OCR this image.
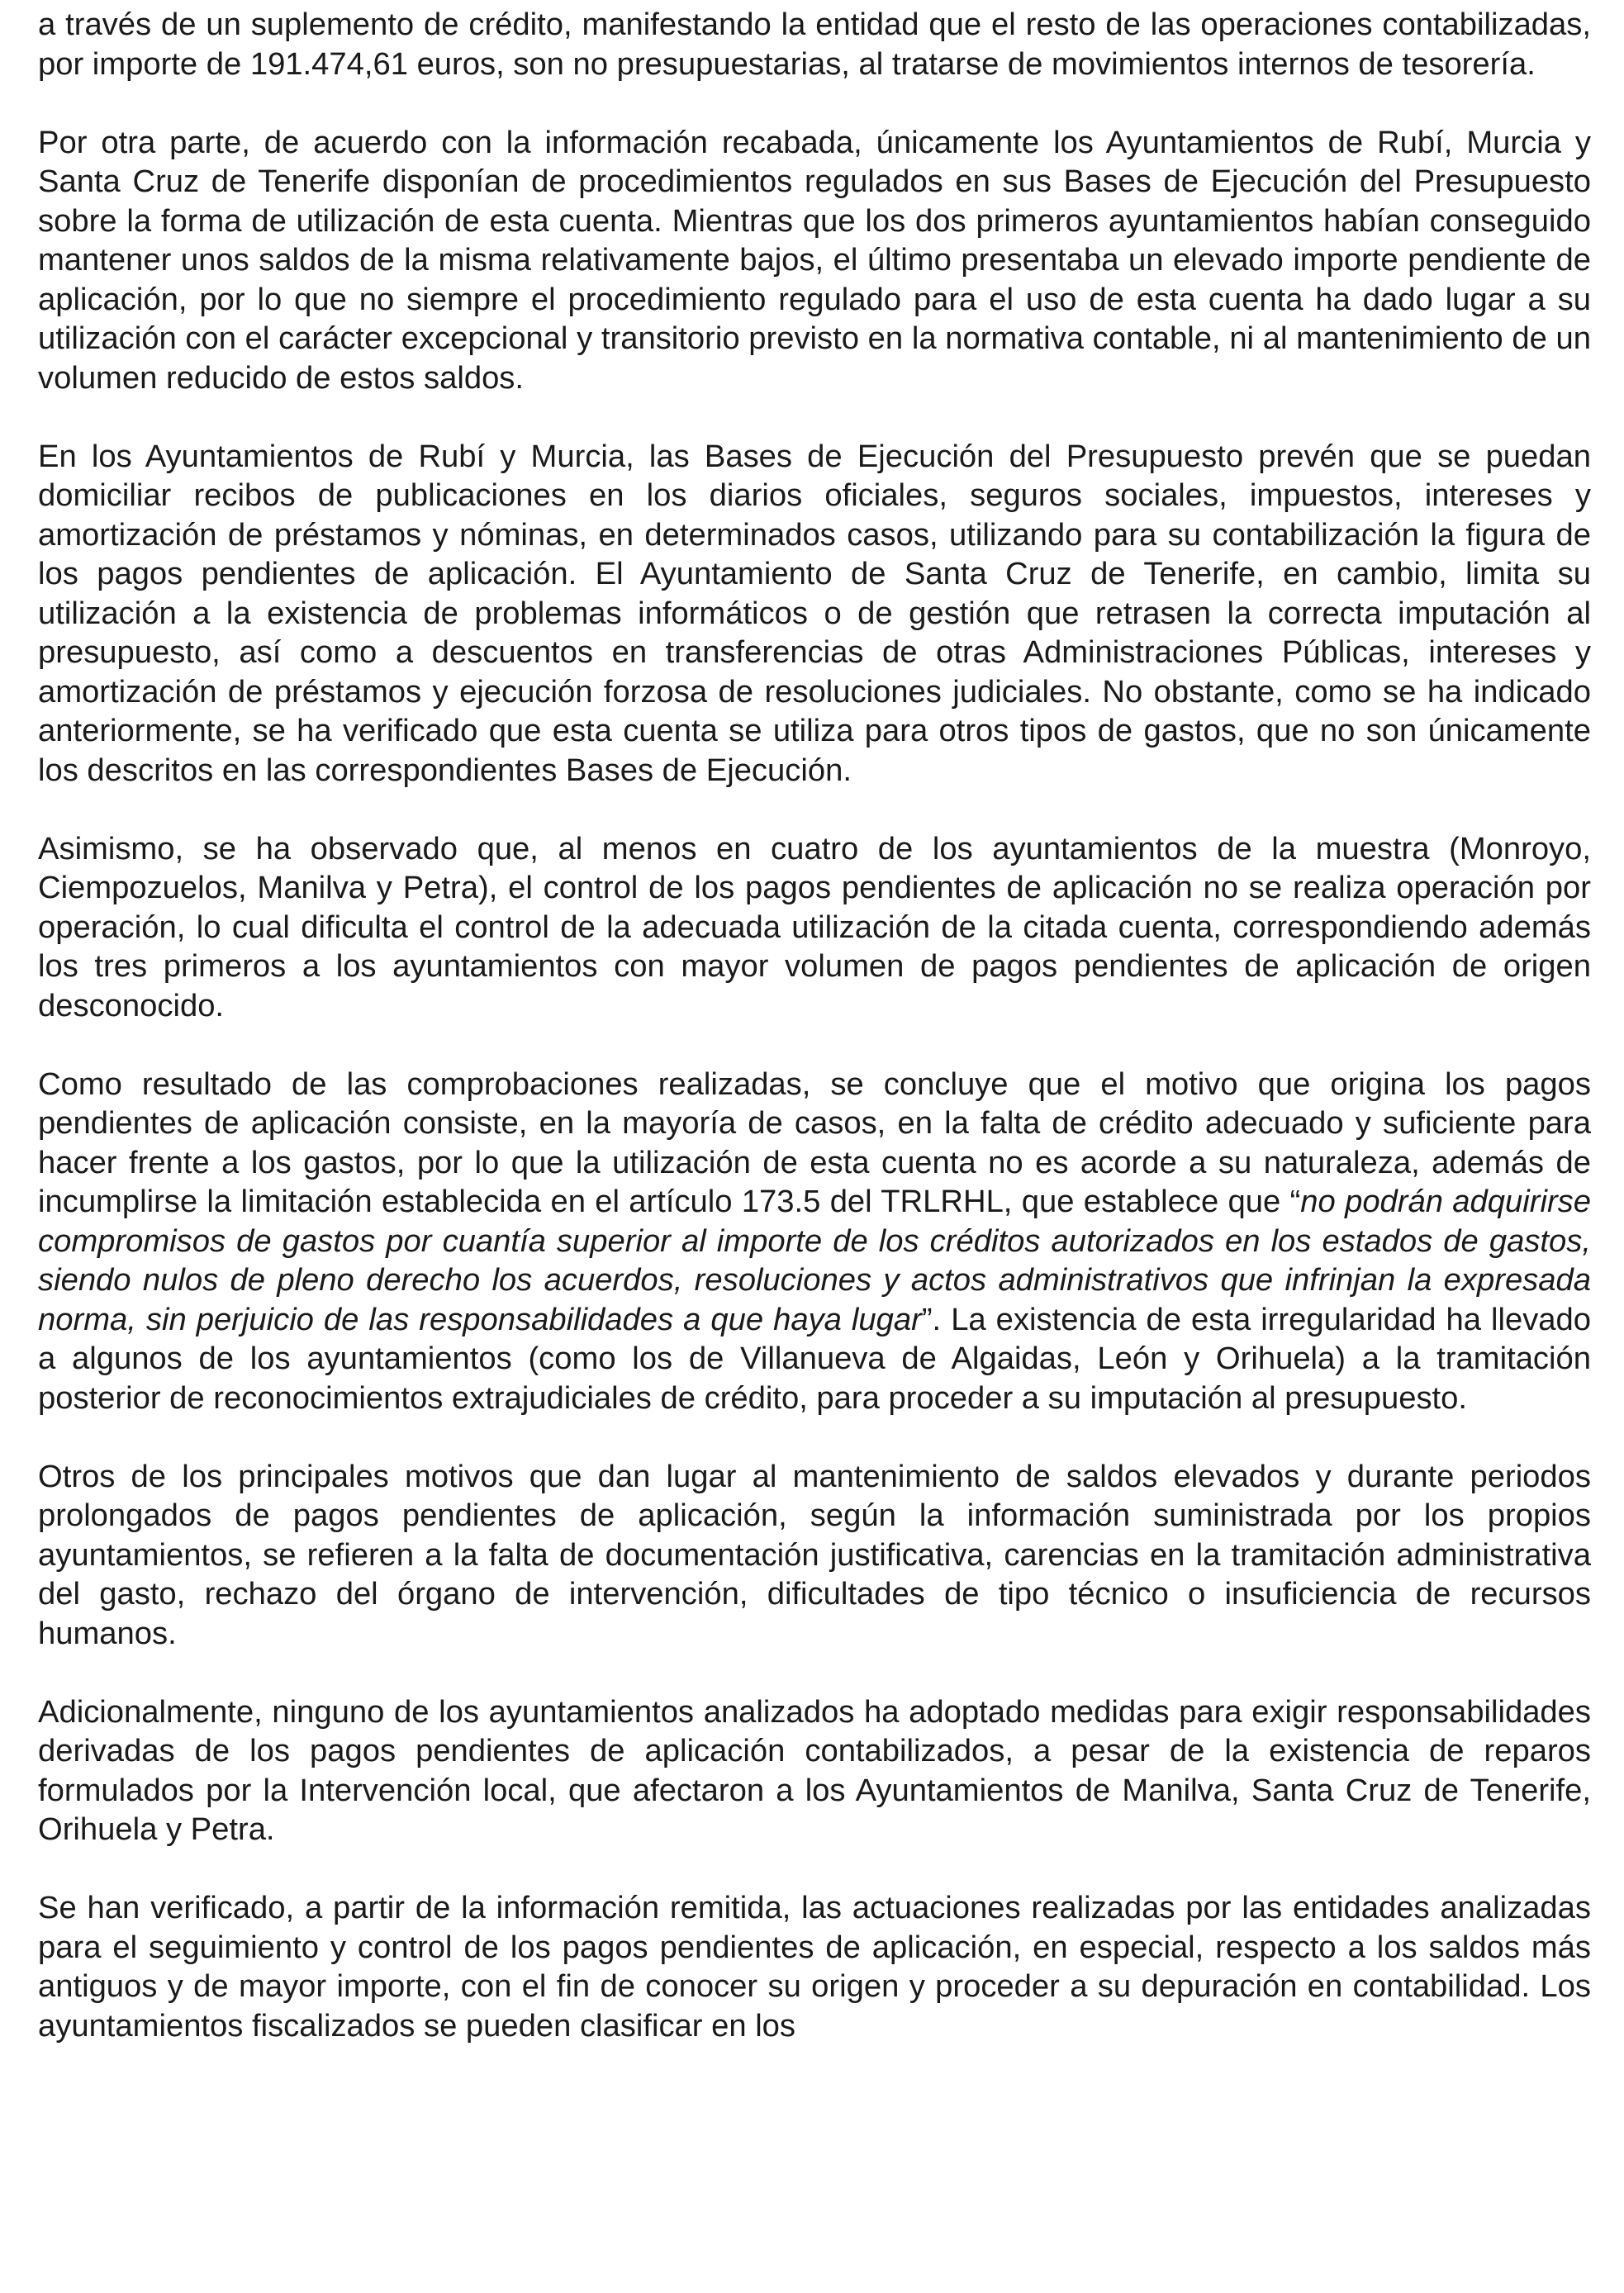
a través de un suplemento de crédito, manifestando la entidad que el resto de las operaciones contabilizadas, por importe de 191.474,61 euros, son no presupuestarias, al tratarse de movimientos internos de tesorería.

Por otra parte, de acuerdo con la información recabada, únicamente los Ayuntamientos de Rubí, Murcia y Santa Cruz de Tenerife disponían de procedimientos regulados en sus Bases de Ejecución del Presupuesto sobre la forma de utilización de esta cuenta. Mientras que los dos primeros ayuntamientos habían conseguido mantener unos saldos de la misma relativamente bajos, el último presentaba un elevado importe pendiente de aplicación, por lo que no siempre el procedimiento regulado para el uso de esta cuenta ha dado lugar a su utilización con el carácter excepcional y transitorio previsto en la normativa contable, ni al mantenimiento de un volumen reducido de estos saldos.

En los Ayuntamientos de Rubí y Murcia, las Bases de Ejecución del Presupuesto prevén que se puedan domiciliar recibos de publicaciones en los diarios oficiales, seguros sociales, impuestos, intereses y amortización de préstamos y nóminas, en determinados casos, utilizando para su contabilización la figura de los pagos pendientes de aplicación. El Ayuntamiento de Santa Cruz de Tenerife, en cambio, limita su utilización a la existencia de problemas informáticos o de gestión que retrasen la correcta imputación al presupuesto, así como a descuentos en transferencias de otras Administraciones Públicas, intereses y amortización de préstamos y ejecución forzosa de resoluciones judiciales. No obstante, como se ha indicado anteriormente, se ha verificado que esta cuenta se utiliza para otros tipos de gastos, que no son únicamente los descritos en las correspondientes Bases de Ejecución.

Asimismo, se ha observado que, al menos en cuatro de los ayuntamientos de la muestra (Monroyo, Ciempozuelos, Manilva y Petra), el control de los pagos pendientes de aplicación no se realiza operación por operación, lo cual dificulta el control de la adecuada utilización de la citada cuenta, correspondiendo además los tres primeros a los ayuntamientos con mayor volumen de pagos pendientes de aplicación de origen desconocido.

Como resultado de las comprobaciones realizadas, se concluye que el motivo que origina los pagos pendientes de aplicación consiste, en la mayoría de casos, en la falta de crédito adecuado y suficiente para hacer frente a los gastos, por lo que la utilización de esta cuenta no es acorde a su naturaleza, además de incumplirse la limitación establecida en el artículo 173.5 del TRLRHL, que establece que “no podrán adquirirse compromisos de gastos por cuantía superior al importe de los créditos autorizados en los estados de gastos, siendo nulos de pleno derecho los acuerdos, resoluciones y actos administrativos que infrinjan la expresada norma, sin perjuicio de las responsabilidades a que haya lugar”. La existencia de esta irregularidad ha llevado a algunos de los ayuntamientos (como los de Villanueva de Algaidas, León y Orihuela) a la tramitación posterior de reconocimientos extrajudiciales de crédito, para proceder a su imputación al presupuesto.

Otros de los principales motivos que dan lugar al mantenimiento de saldos elevados y durante periodos prolongados de pagos pendientes de aplicación, según la información suministrada por los propios ayuntamientos, se refieren a la falta de documentación justificativa, carencias en la tramitación administrativa del gasto, rechazo del órgano de intervención, dificultades de tipo técnico o insuficiencia de recursos humanos.

Adicionalmente, ninguno de los ayuntamientos analizados ha adoptado medidas para exigir responsabilidades derivadas de los pagos pendientes de aplicación contabilizados, a pesar de la existencia de reparos formulados por la Intervención local, que afectaron a los Ayuntamientos de Manilva, Santa Cruz de Tenerife, Orihuela y Petra.

Se han verificado, a partir de la información remitida, las actuaciones realizadas por las entidades analizadas para el seguimiento y control de los pagos pendientes de aplicación, en especial, respecto a los saldos más antiguos y de mayor importe, con el fin de conocer su origen y proceder a su depuración en contabilidad. Los ayuntamientos fiscalizados se pueden clasificar en los
